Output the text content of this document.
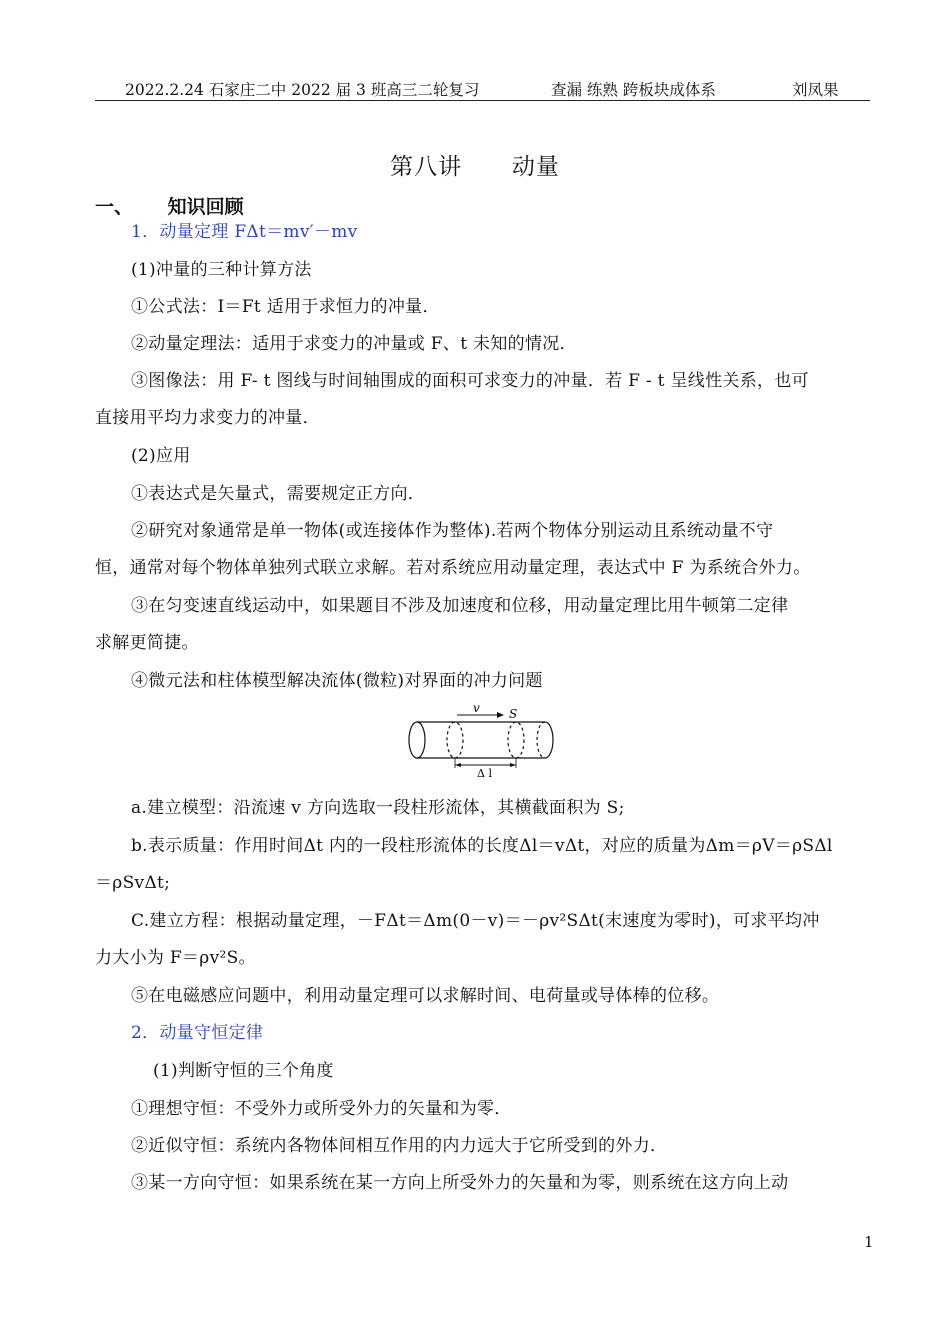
2022.2.24 石家庄二中 2022 届 3 班高三二轮复习	查漏 练熟 跨板块成体系	刘凤果
第八讲      动量
一、 知识回顾
1．动量定理 FΔt＝mv′－mv
(1)冲量的三种计算方法
①公式法：I＝Ft 适用于求恒力的冲量．
②动量定理法：适用于求变力的冲量或 F、t 未知的情况．
③图像法：用 F- t 图线与时间轴围成的面积可求变力的冲量．若 F - t 呈线性关系，也可
直接用平均力求变力的冲量．
(2)应用
①表达式是矢量式，需要规定正方向．
②研究对象通常是单一物体(或连接体作为整体).若两个物体分别运动且系统动量不守
恒，通常对每个物体单独列式联立求解。若对系统应用动量定理，表达式中 F 为系统合外力。
③在匀变速直线运动中，如果题目不涉及加速度和位移，用动量定理比用牛顿第二定律
求解更简捷。
④微元法和柱体模型解决流体(微粒)对界面的冲力问题
v S
Δ l
a.建立模型：沿流速 v 方向选取一段柱形流体，其横截面积为 S;
b.表示质量：作用时间Δt 内的一段柱形流体的长度Δl＝vΔt，对应的质量为Δm＝ρV＝ρSΔl
＝ρSvΔt;
C.建立方程：根据动量定理，－FΔt＝Δm(0－v)＝－ρv²SΔt(末速度为零时)，可求平均冲
力大小为 F＝ρv²S。
⑤在电磁感应问题中，利用动量定理可以求解时间、电荷量或导体棒的位移。
2．动量守恒定律
(1)判断守恒的三个角度
①理想守恒：不受外力或所受外力的矢量和为零．
②近似守恒：系统内各物体间相互作用的内力远大于它所受到的外力．
③某一方向守恒：如果系统在某一方向上所受外力的矢量和为零，则系统在这方向上动
1
